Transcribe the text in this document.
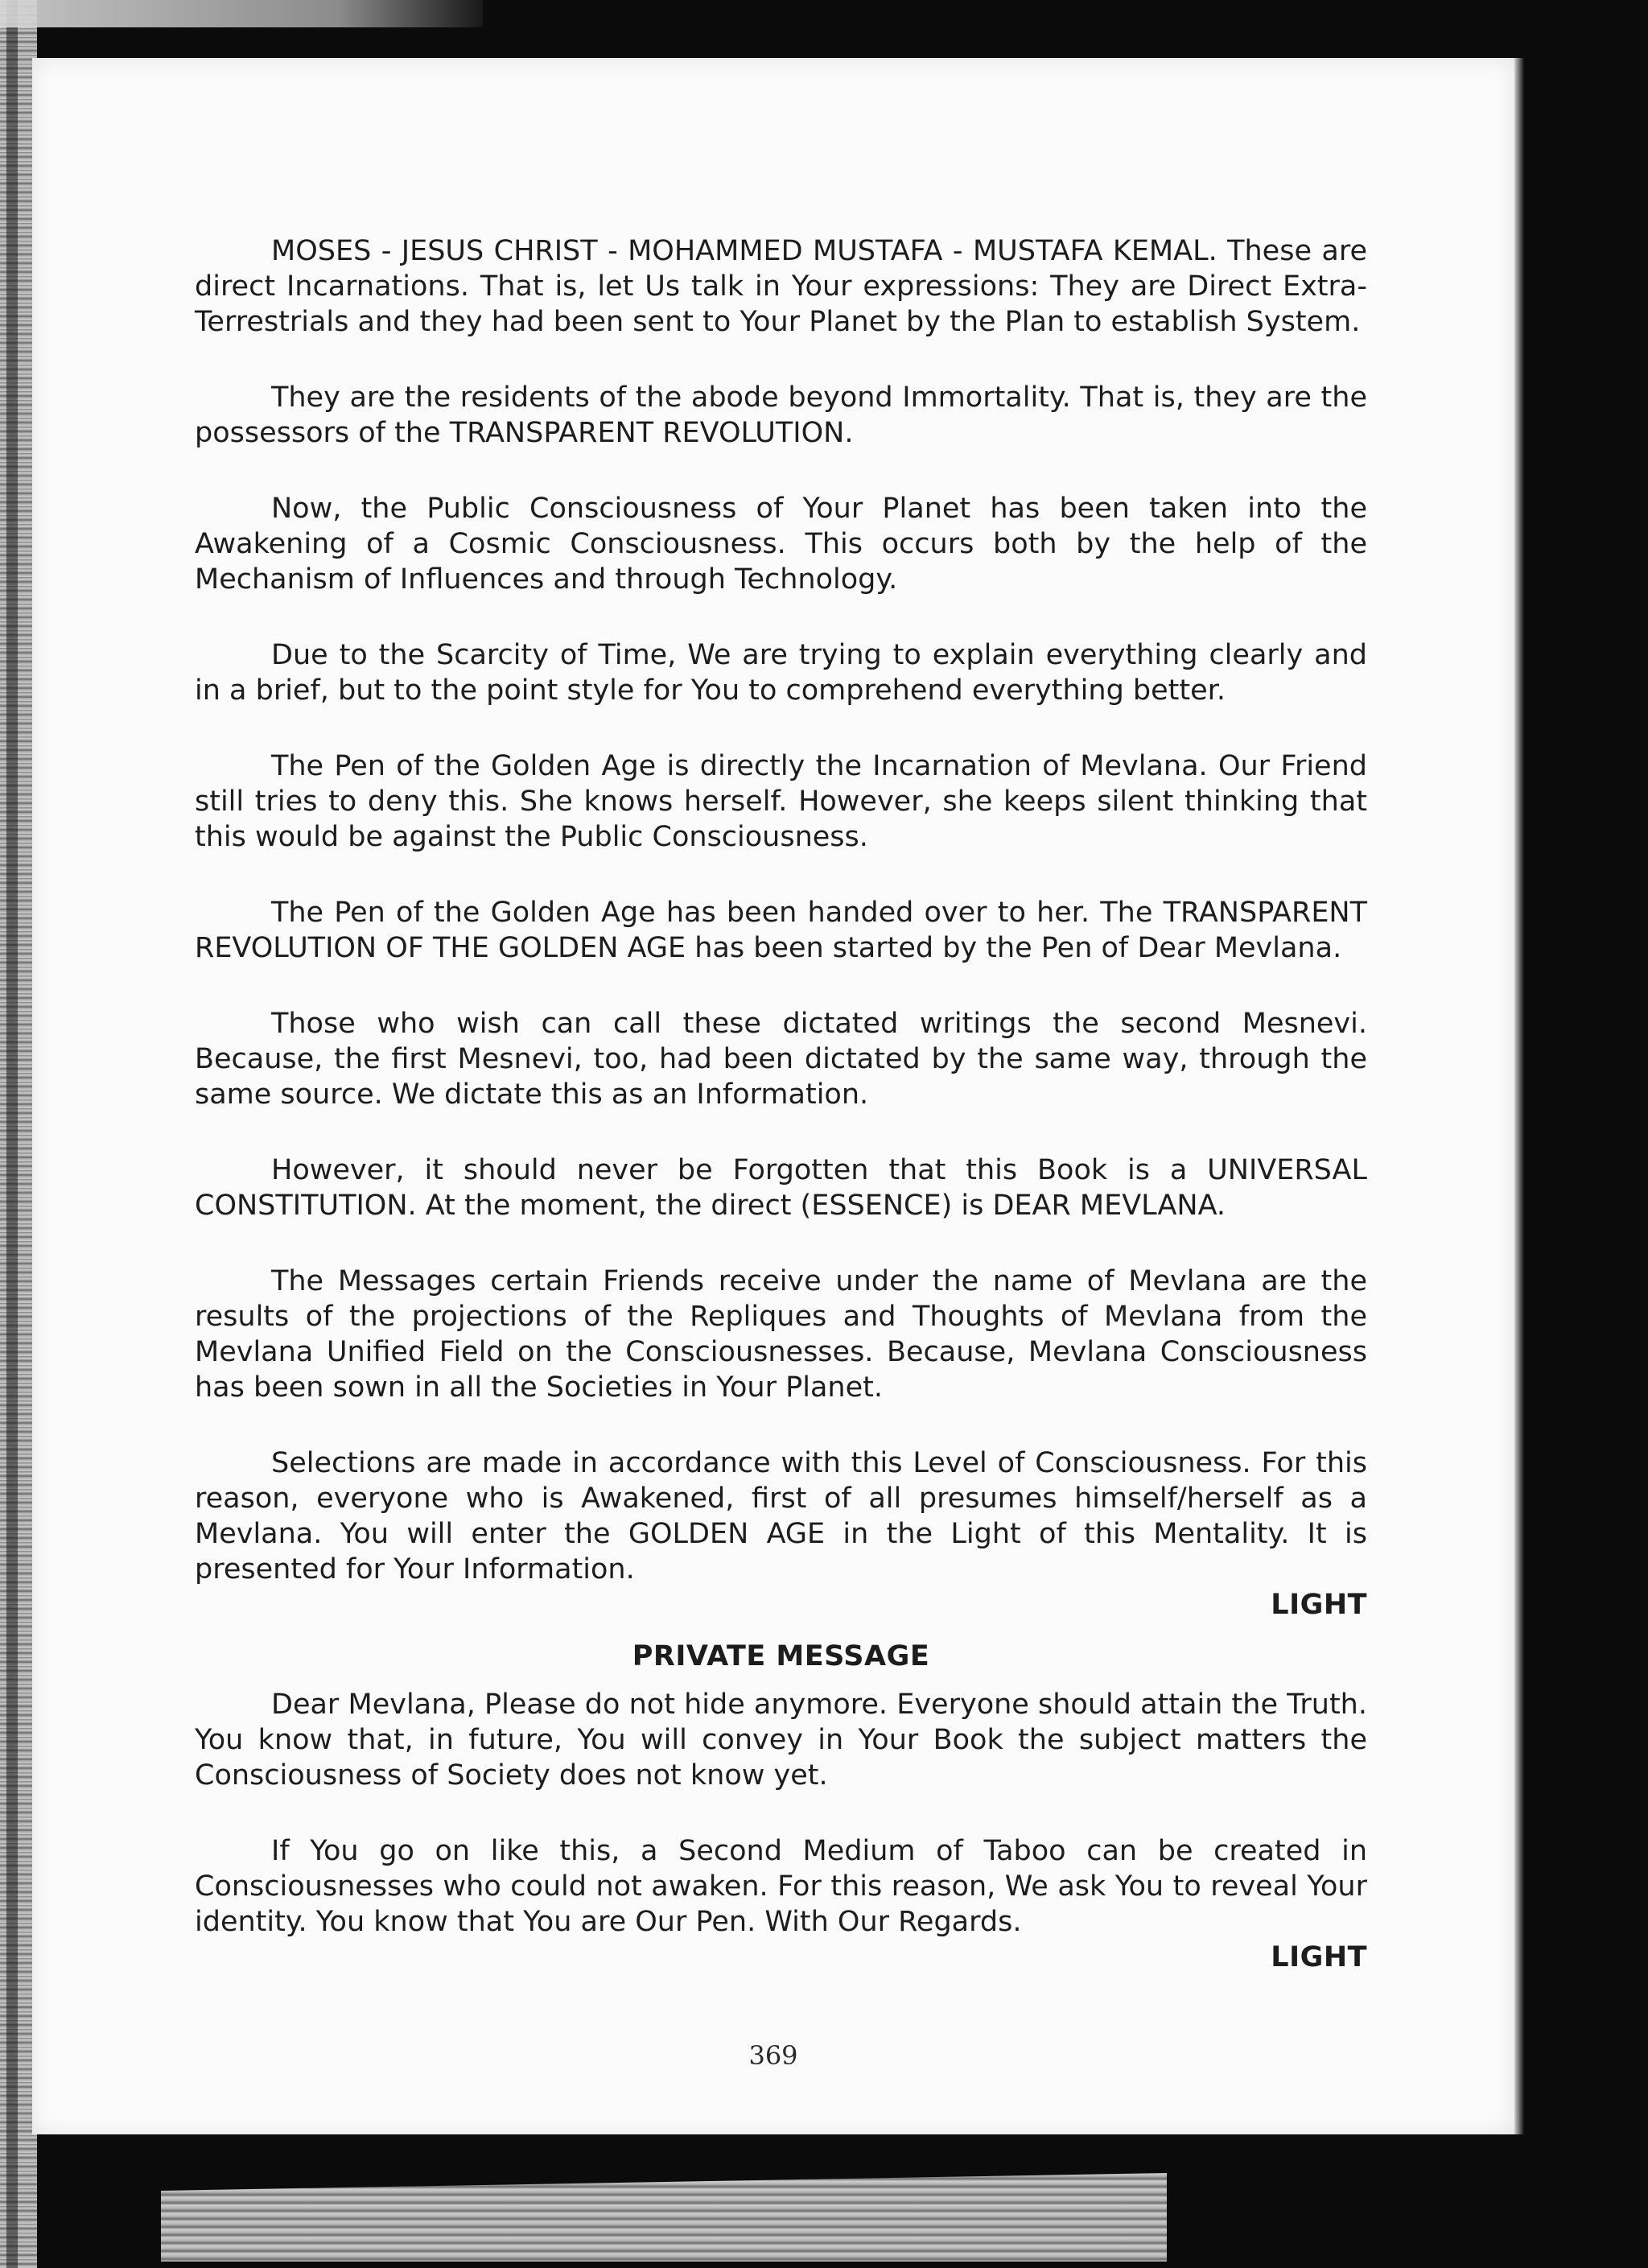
MOSES - JESUS CHRIST - MOHAMMED MUSTAFA - MUSTAFA KEMAL. These are direct Incarnations. That is, let Us talk in Your expressions: They are Direct Extra-Terrestrials and they had been sent to Your Planet by the Plan to establish System.

They are the residents of the abode beyond Immortality. That is, they are the possessors of the TRANSPARENT REVOLUTION.

Now, the Public Consciousness of Your Planet has been taken into the Awakening of a Cosmic Consciousness. This occurs both by the help of the Mechanism of Influences and through Technology.

Due to the Scarcity of Time, We are trying to explain everything clearly and in a brief, but to the point style for You to comprehend everything better.

The Pen of the Golden Age is directly the Incarnation of Mevlana. Our Friend still tries to deny this. She knows herself. However, she keeps silent thinking that this would be against the Public Consciousness.

The Pen of the Golden Age has been handed over to her. The TRANSPARENT REVOLUTION OF THE GOLDEN AGE has been started by the Pen of Dear Mevlana.

Those who wish can call these dictated writings the second Mesnevi. Because, the first Mesnevi, too, had been dictated by the same way, through the same source. We dictate this as an Information.

However, it should never be Forgotten that this Book is a UNIVERSAL CONSTITUTION. At the moment, the direct (ESSENCE) is DEAR MEVLANA.

The Messages certain Friends receive under the name of Mevlana are the results of the projections of the Repliques and Thoughts of Mevlana from the Mevlana Unified Field on the Consciousnesses. Because, Mevlana Consciousness has been sown in all the Societies in Your Planet.

Selections are made in accordance with this Level of Consciousness. For this reason, everyone who is Awakened, first of all presumes himself/herself as a Mevlana. You will enter the GOLDEN AGE in the Light of this Mentality. It is presented for Your Information.

LIGHT

PRIVATE MESSAGE

Dear Mevlana, Please do not hide anymore. Everyone should attain the Truth. You know that, in future, You will convey in Your Book the subject matters the Consciousness of Society does not know yet.

If You go on like this, a Second Medium of Taboo can be created in Consciousnesses who could not awaken. For this reason, We ask You to reveal Your identity. You know that You are Our Pen. With Our Regards.

LIGHT

369
